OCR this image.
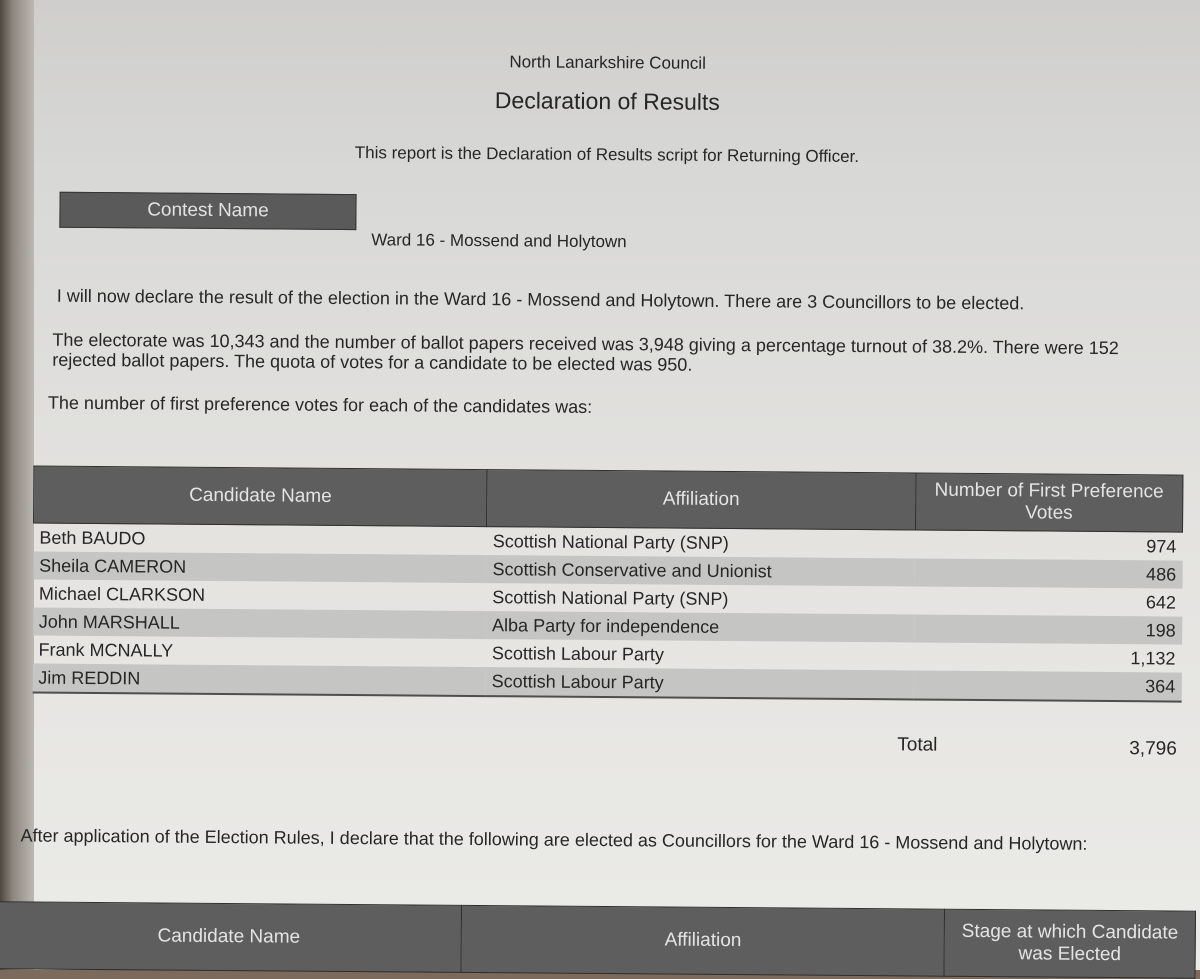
North Lanarkshire Council
Declaration of Results
This report is the Declaration of Results script for Returning Officer.
Contest Name
Ward 16 - Mossend and Holytown
I will now declare the result of the election in the Ward 16 - Mossend and Holytown. There are 3 Councillors to be elected.
The electorate was 10,343 and the number of ballot papers received was 3,948 giving a percentage turnout of 38.2%. There were 152 rejected ballot papers. The quota of votes for a candidate to be elected was 950.
The number of first preference votes for each of the candidates was:
Candidate Name	Affiliation	Number of First Preference Votes
Beth BAUDO	Scottish National Party (SNP)	974
Sheila CAMERON	Scottish Conservative and Unionist	486
Michael CLARKSON	Scottish National Party (SNP)	642
John MARSHALL	Alba Party for independence	198
Frank MCNALLY	Scottish Labour Party	1,132
Jim REDDIN	Scottish Labour Party	364
Total	3,796
After application of the Election Rules, I declare that the following are elected as Councillors for the Ward 16 - Mossend and Holytown:
Candidate Name	Affiliation	Stage at which Candidate was Elected
